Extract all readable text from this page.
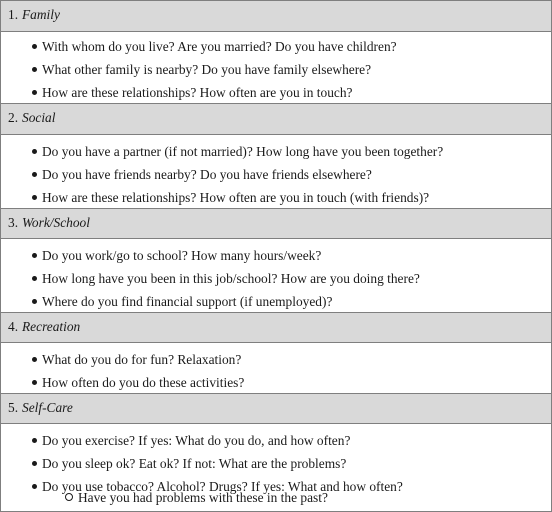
1. Family
With whom do you live? Are you married? Do you have children?
What other family is nearby? Do you have family elsewhere?
How are these relationships? How often are you in touch?
2. Social
Do you have a partner (if not married)? How long have you been together?
Do you have friends nearby? Do you have friends elsewhere?
How are these relationships? How often are you in touch (with friends)?
3. Work/School
Do you work/go to school? How many hours/week?
How long have you been in this job/school? How are you doing there?
Where do you find financial support (if unemployed)?
4. Recreation
What do you do for fun? Relaxation?
How often do you do these activities?
5. Self-Care
Do you exercise? If yes: What do you do, and how often?
Do you sleep ok? Eat ok? If not: What are the problems?
Do you use tobacco? Alcohol? Drugs? If yes: What and how often?
Have you had problems with these in the past?
